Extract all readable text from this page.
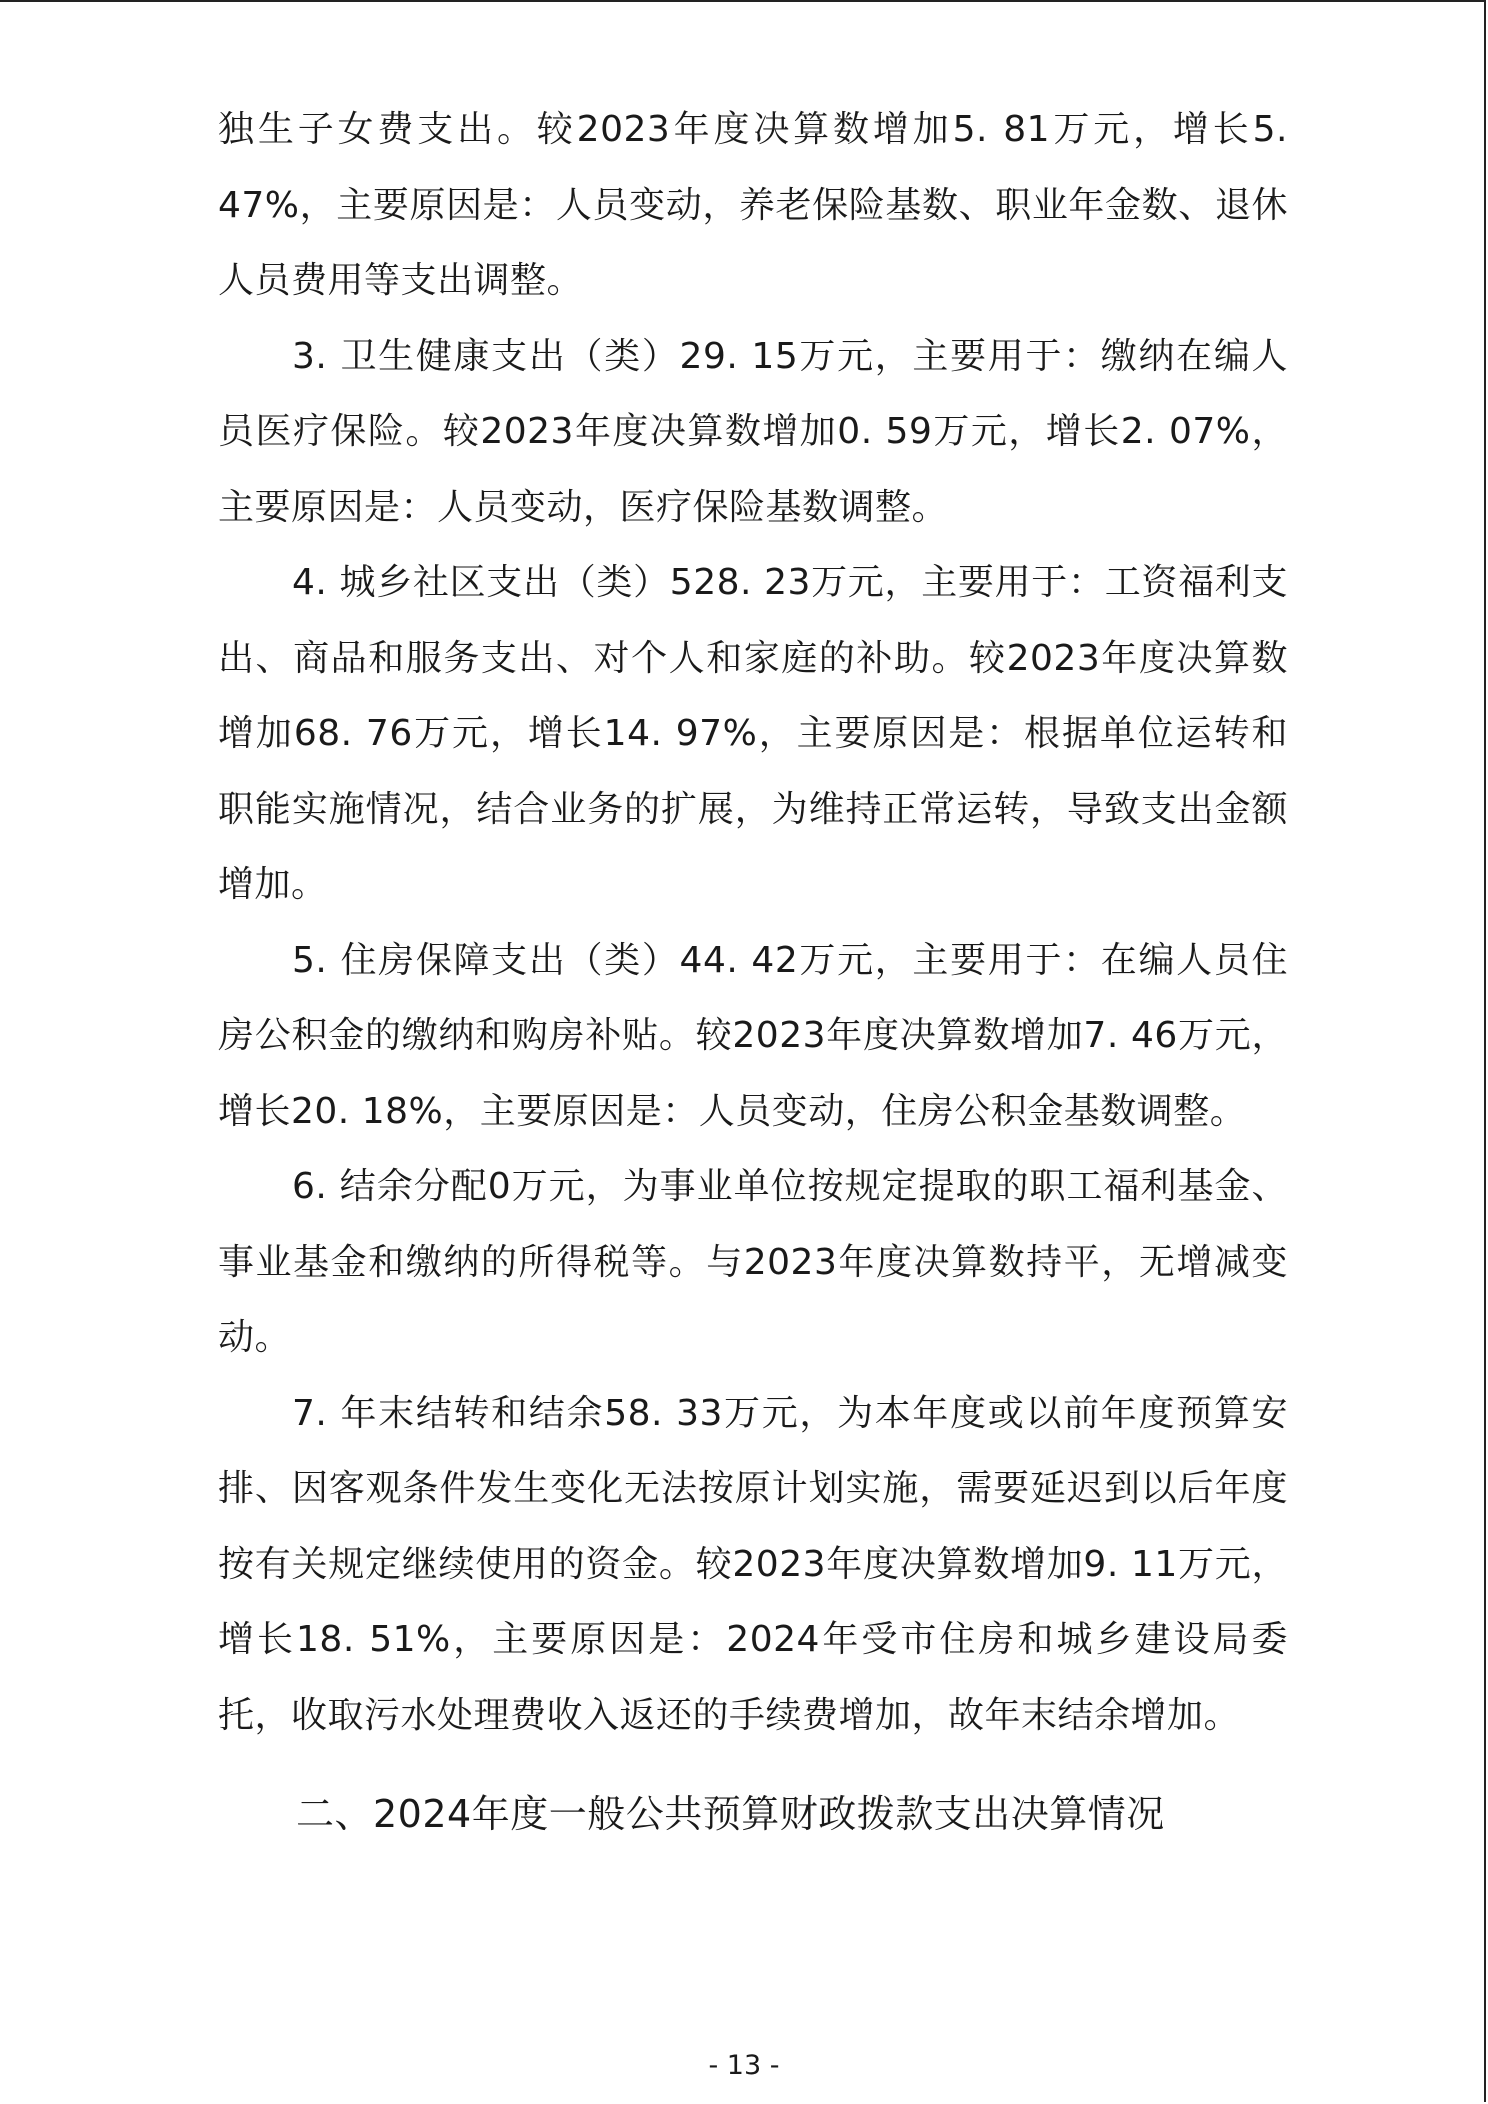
独生子女费支出。较2023年度决算数增加5. 81万元，增长5. 47%，主要原因是：人员变动，养老保险基数、职业年金数、退休人员费用等支出调整。

3. 卫生健康支出（类）29. 15万元，主要用于：缴纳在编人员医疗保险。较2023年度决算数增加0. 59万元，增长2. 07%，主要原因是：人员变动，医疗保险基数调整。

4. 城乡社区支出（类）528. 23万元，主要用于：工资福利支出、商品和服务支出、对个人和家庭的补助。较2023年度决算数增加68. 76万元，增长14. 97%，主要原因是：根据单位运转和职能实施情况，结合业务的扩展，为维持正常运转，导致支出金额增加。

5. 住房保障支出（类）44. 42万元，主要用于：在编人员住房公积金的缴纳和购房补贴。较2023年度决算数增加7. 46万元，增长20. 18%，主要原因是：人员变动，住房公积金基数调整。

6. 结余分配0万元，为事业单位按规定提取的职工福利基金、事业基金和缴纳的所得税等。与2023年度决算数持平，无增减变动。

7. 年末结转和结余58. 33万元，为本年度或以前年度预算安排、因客观条件发生变化无法按原计划实施，需要延迟到以后年度按有关规定继续使用的资金。较2023年度决算数增加9. 11万元，增长18. 51%，主要原因是：2024年受市住房和城乡建设局委托，收取污水处理费收入返还的手续费增加，故年末结余增加。

二、2024年度一般公共预算财政拨款支出决算情况
- 13 -
